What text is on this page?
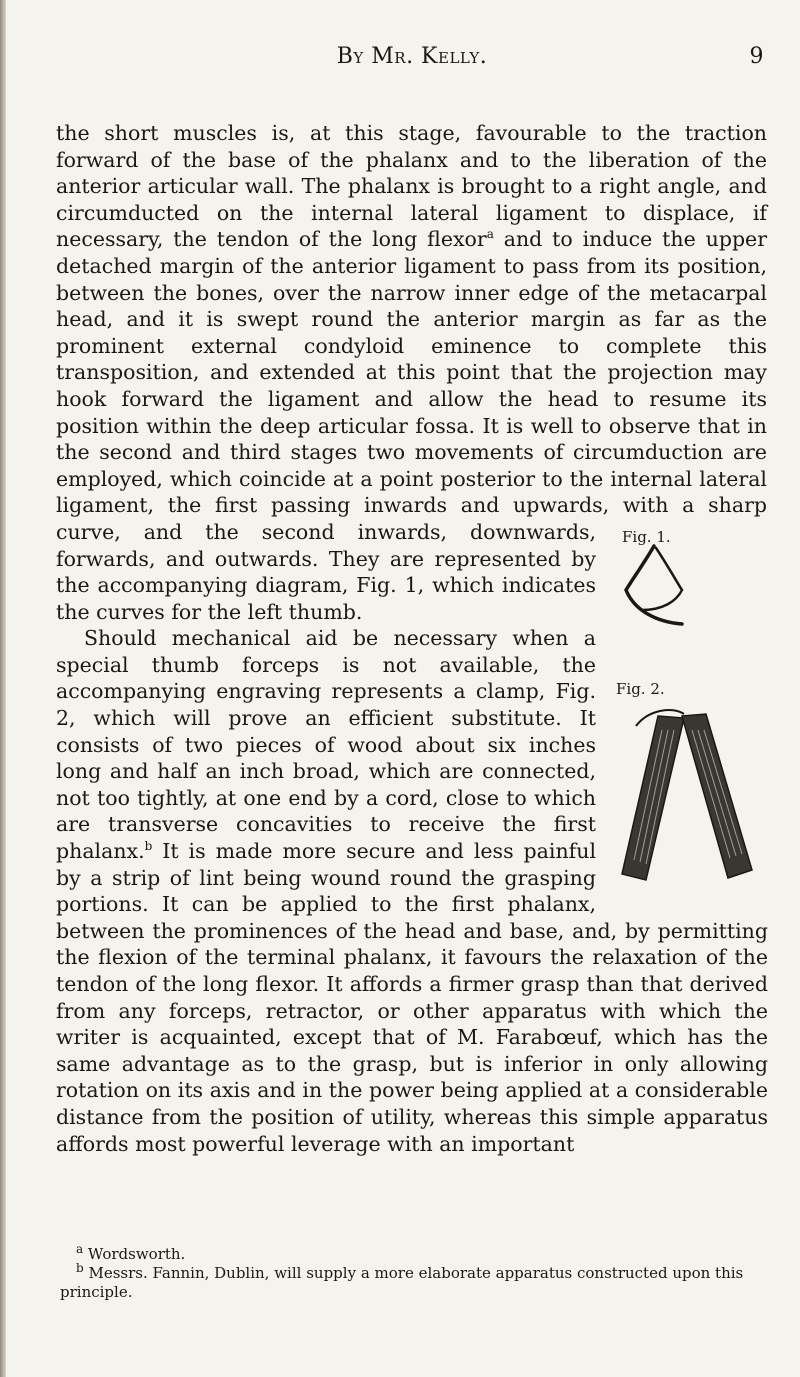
By Mr. Kelly.	9
Fig. 1.
Fig. 2.

the short muscles is, at this stage, favourable to the traction forward of the base of the phalanx and to the liberation of the anterior articular wall. The phalanx is brought to a right angle, and circumducted on the internal lateral ligament to displace, if necessary, the tendon of the long flexor$^a$ and to induce the upper detached margin of the anterior ligament to pass from its position, between the bones, over the narrow inner edge of the metacarpal head, and it is swept round the anterior margin as far as the prominent external condyloid eminence to complete this transposition, and extended at this point that the projection may hook forward the ligament and allow the head to resume its position within the deep articular fossa. It is well to observe that in the second and third stages two movements of circumduction are employed, which coincide at a point posterior to the internal lateral ligament, the first passing inwards and upwards, with a sharp curve, and the second inwards, downwards, forwards, and outwards. They are represented by the accompanying diagram, Fig. 1, which indicates the curves for the left thumb.

Should mechanical aid be necessary when a special thumb forceps is not available, the accompanying engraving represents a clamp, Fig. 2, which will prove an efficient substitute. It consists of two pieces of wood about six inches long and half an inch broad, which are connected, not too tightly, at one end by a cord, close to which are transverse concavities to receive the first phalanx.$^b$ It is made more secure and less painful by a strip of lint being wound round the grasping portions. It can be applied to the first phalanx, between the prominences of the head and base, and, by permitting the flexion of the terminal phalanx, it favours the relaxation of the tendon of the long flexor. It affords a firmer grasp than that derived from any forceps, retractor, or other apparatus with which the writer is acquainted, except that of M. Farabœuf, which has the same advantage as to the grasp, but is inferior in only allowing rotation on its axis and in the power being applied at a considerable distance from the position of utility, whereas this simple apparatus affords most powerful leverage with an important

$^a$ Wordsworth.

$^b$ Messrs. Fannin, Dublin, will supply a more elaborate apparatus constructed upon this principle.
